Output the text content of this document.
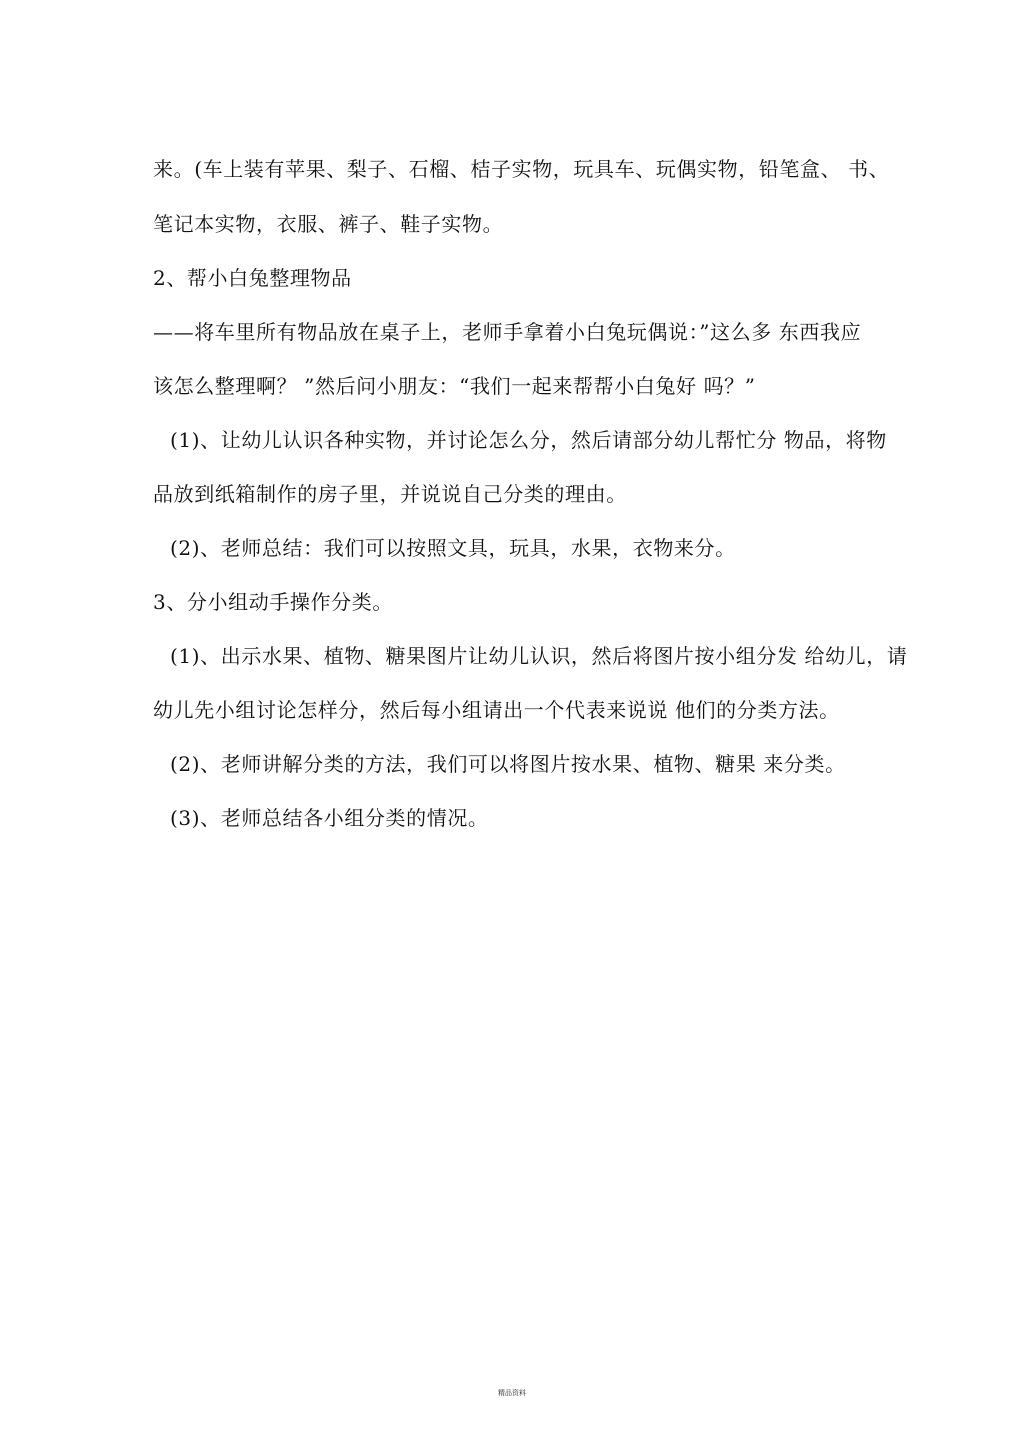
来。(车上装有苹果、梨子、石榴、桔子实物，玩具车、玩偶实物，铅笔盒、 书、
笔记本实物，衣服、裤子、鞋子实物。
2、帮小白兔整理物品
——将车里所有物品放在桌子上，老师手拿着小白兔玩偶说：”这么多 东西我应
该怎么整理啊？ ”然后问小朋友：“我们一起来帮帮小白兔好 吗？”
(1)、让幼儿认识各种实物，并讨论怎么分，然后请部分幼儿帮忙分 物品，将物
品放到纸箱制作的房子里，并说说自己分类的理由。
(2)、老师总结：我们可以按照文具，玩具，水果，衣物来分。
3、分小组动手操作分类。
(1)、出示水果、植物、糖果图片让幼儿认识，然后将图片按小组分发 给幼儿，请
幼儿先小组讨论怎样分，然后每小组请出一个代表来说说 他们的分类方法。
(2)、老师讲解分类的方法，我们可以将图片按水果、植物、糖果 来分类。
(3)、老师总结各小组分类的情况。
精品资料
